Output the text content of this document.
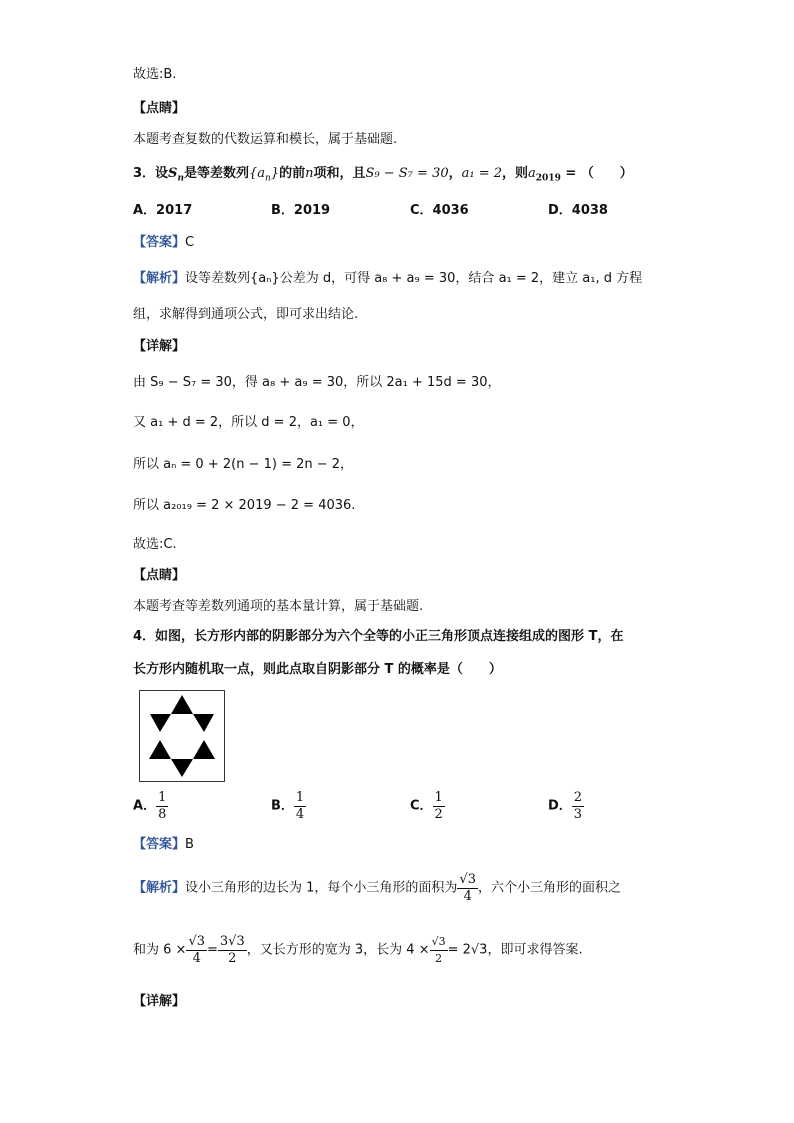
故选:B.
【点睛】
本题考查复数的代数运算和模长，属于基础题.
3．设$S_n$是等差数列$\{a_n\}$的前n项和，且S₉ − S₇ = 30，a₁ = 2，则$a_{2019}$ = （　　）
A．2017	B．2019	C．4036	D．4038
【答案】C
【解析】设等差数列{aₙ}公差为 d，可得 a₈ + a₉ = 30，结合 a₁ = 2，建立 a₁, d 方程
组，求解得到通项公式，即可求出结论.
【详解】
由 S₉ − S₇ = 30，得 a₈ + a₉ = 30，所以 2a₁ + 15d = 30，
又 a₁ + d = 2，所以 d = 2，a₁ = 0，
所以 aₙ = 0 + 2(n − 1) = 2n − 2，
所以 a₂₀₁₉ = 2 × 2019 − 2 = 4036.
故选:C.
【点睛】
本题考查等差数列通项的基本量计算，属于基础题.
4．如图，长方形内部的阴影部分为六个全等的小正三角形顶点连接组成的图形 T，在
长方形内随机取一点，则此点取自阴影部分 T 的概率是（　　）
A． $\frac{1}{8}$	B． $\frac{1}{4}$	C． $\frac{1}{2}$	D． $\frac{2}{3}$
【答案】B
【解析】设小三角形的边长为 1，每个小三角形的面积为 $\frac{√3}{4}$ ，六个小三角形的面积之
和为 $6 \times \frac{√3}{4} = \frac{3√3}{2}$ ，又长方形的宽为 3，长为 $4 \times \frac{√3}{2} = 2√3$，即可求得答案.
【详解】
